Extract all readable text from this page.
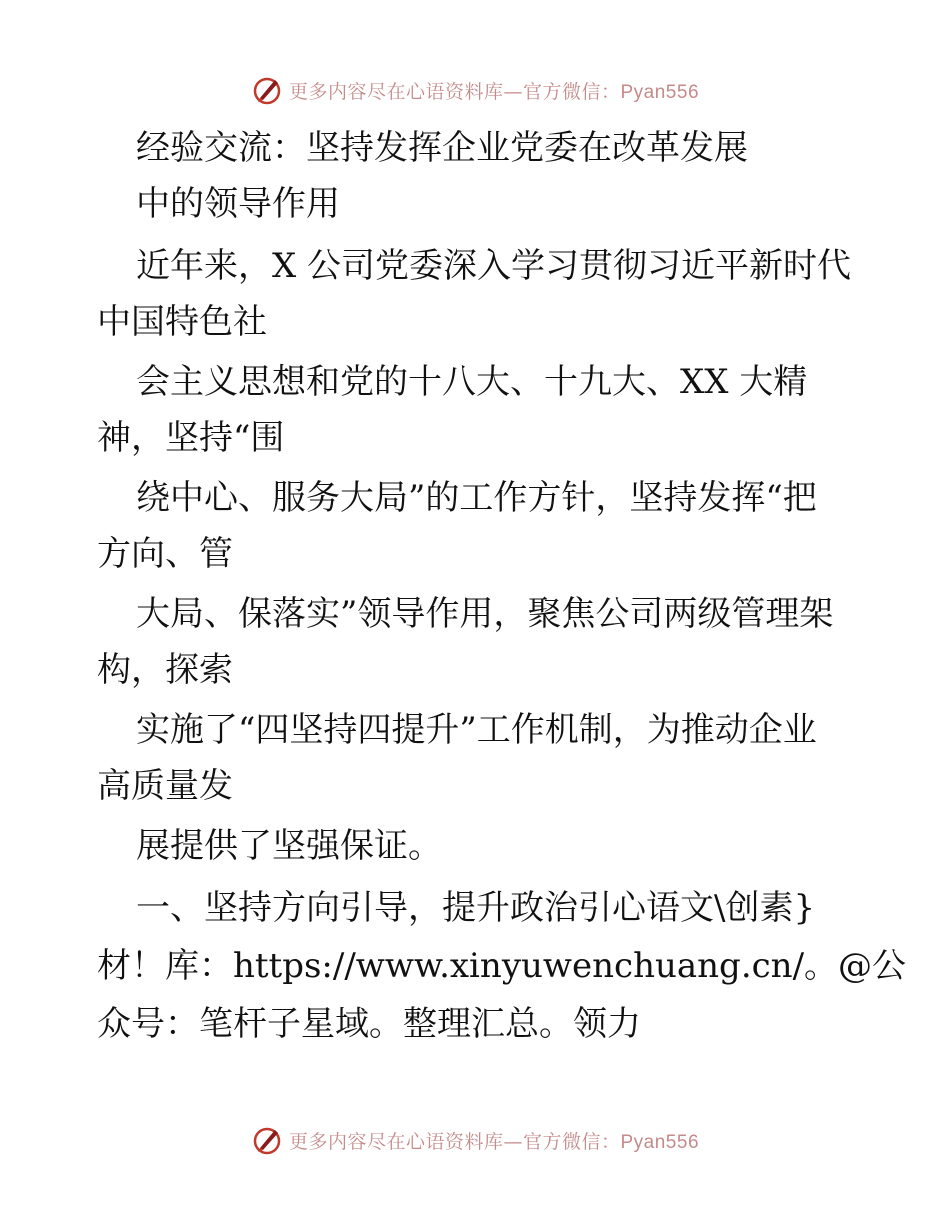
更多内容尽在心语资料库—官方微信：Pyan556
经验交流：坚持发挥企业党委在改革发展
中的领导作用
近年来，X 公司党委深入学习贯彻习近平新时代
中国特色社
会主义思想和党的十八大、十九大、XX 大精
神，坚持“围
绕中心、服务大局”的工作方针，坚持发挥“把
方向、管
大局、保落实”领导作用，聚焦公司两级管理架
构，探索
实施了“四坚持四提升”工作机制，为推动企业
高质量发
展提供了坚强保证。
一、坚持方向引导，提升政治引心语文\创素}
材！库：https://www.xinyuwenchuang.cn/。@公
众号：笔杆子星域。整理汇总。领力
更多内容尽在心语资料库—官方微信：Pyan556
